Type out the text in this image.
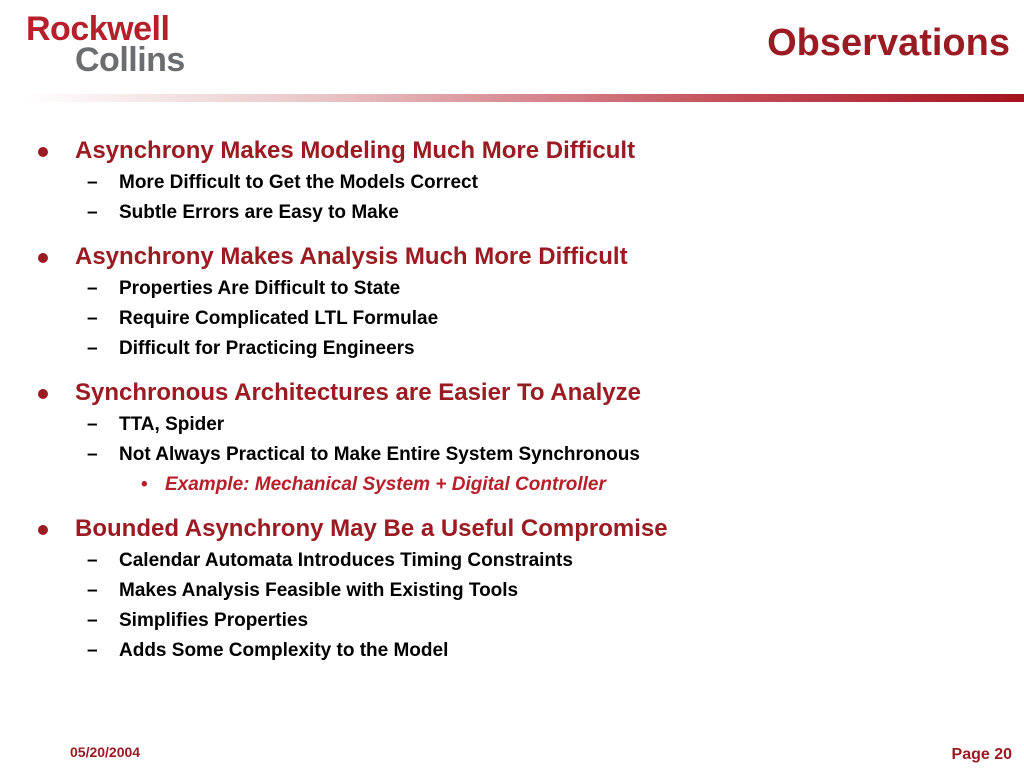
Rockwell
Collins	Observations
Asynchrony Makes Modeling Much More Difficult
– More Difficult to Get the Models Correct
– Subtle Errors are Easy to Make
Asynchrony Makes Analysis Much More Difficult
– Properties Are Difficult to State
– Require Complicated LTL Formulae
– Difficult for Practicing Engineers
Synchronous Architectures are Easier To Analyze
– TTA, Spider
– Not Always Practical to Make Entire System Synchronous
• Example: Mechanical System + Digital Controller
Bounded Asynchrony May Be a Useful Compromise
– Calendar Automata Introduces Timing Constraints
– Makes Analysis Feasible with Existing Tools
– Simplifies Properties
– Adds Some Complexity to the Model
05/20/2004	Page 20
